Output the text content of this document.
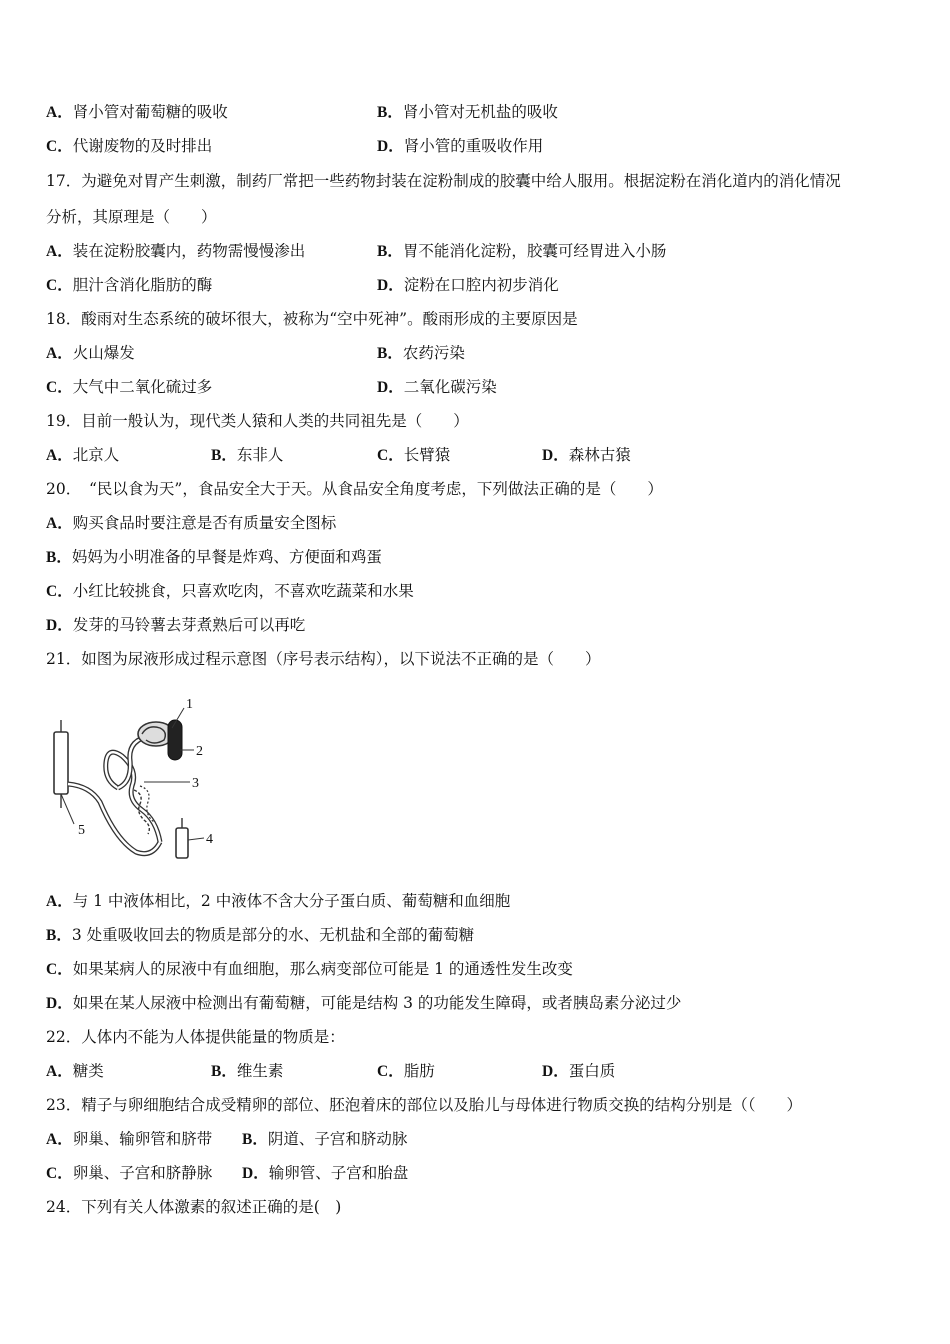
A．肾小管对葡萄糖的吸收	B．肾小管对无机盐的吸收
C．代谢废物的及时排出	D．肾小管的重吸收作用
17．为避免对胃产生刺激，制药厂常把一些药物封装在淀粉制成的胶囊中给人服用。根据淀粉在消化道内的消化情况
分析，其原理是（　　）
A．装在淀粉胶囊内，药物需慢慢渗出	B．胃不能消化淀粉，胶囊可经胃进入小肠
C．胆汁含消化脂肪的酶	D．淀粉在口腔内初步消化
18．酸雨对生态系统的破坏很大，被称为“空中死神”。酸雨形成的主要原因是
A．火山爆发	B．农药污染
C．大气中二氧化硫过多	D．二氧化碳污染
19．目前一般认为，现代类人猿和人类的共同祖先是（　　）
A．北京人	B．东非人	C．长臂猿	D．森林古猿
20．　“民以食为天”，食品安全大于天。从食品安全角度考虑，下列做法正确的是（　　）
A．购买食品时要注意是否有质量安全图标
B．妈妈为小明准备的早餐是炸鸡、方便面和鸡蛋
C．小红比较挑食，只喜欢吃肉，不喜欢吃蔬菜和水果
D．发芽的马铃薯去芽煮熟后可以再吃
21．如图为尿液形成过程示意图（序号表示结构），以下说法不正确的是（　　）
1
2
3
4
5
A．与 1 中液体相比，2 中液体不含大分子蛋白质、葡萄糖和血细胞
B．3 处重吸收回去的物质是部分的水、无机盐和全部的葡萄糖
C．如果某病人的尿液中有血细胞，那么病变部位可能是 1 的通透性发生改变
D．如果在某人尿液中检测出有葡萄糖，可能是结构 3 的功能发生障碍，或者胰岛素分泌过少
22．人体内不能为人体提供能量的物质是：
A．糖类	B．维生素	C．脂肪	D．蛋白质
23．精子与卵细胞结合成受精卵的部位、胚泡着床的部位以及胎儿与母体进行物质交换的结构分别是（（　　）
A．卵巢、输卵管和脐带 B．阴道、子宫和脐动脉
C．卵巢、子宫和脐静脉 D．输卵管、子宫和胎盘
24．下列有关人体激素的叙述正确的是(　)
